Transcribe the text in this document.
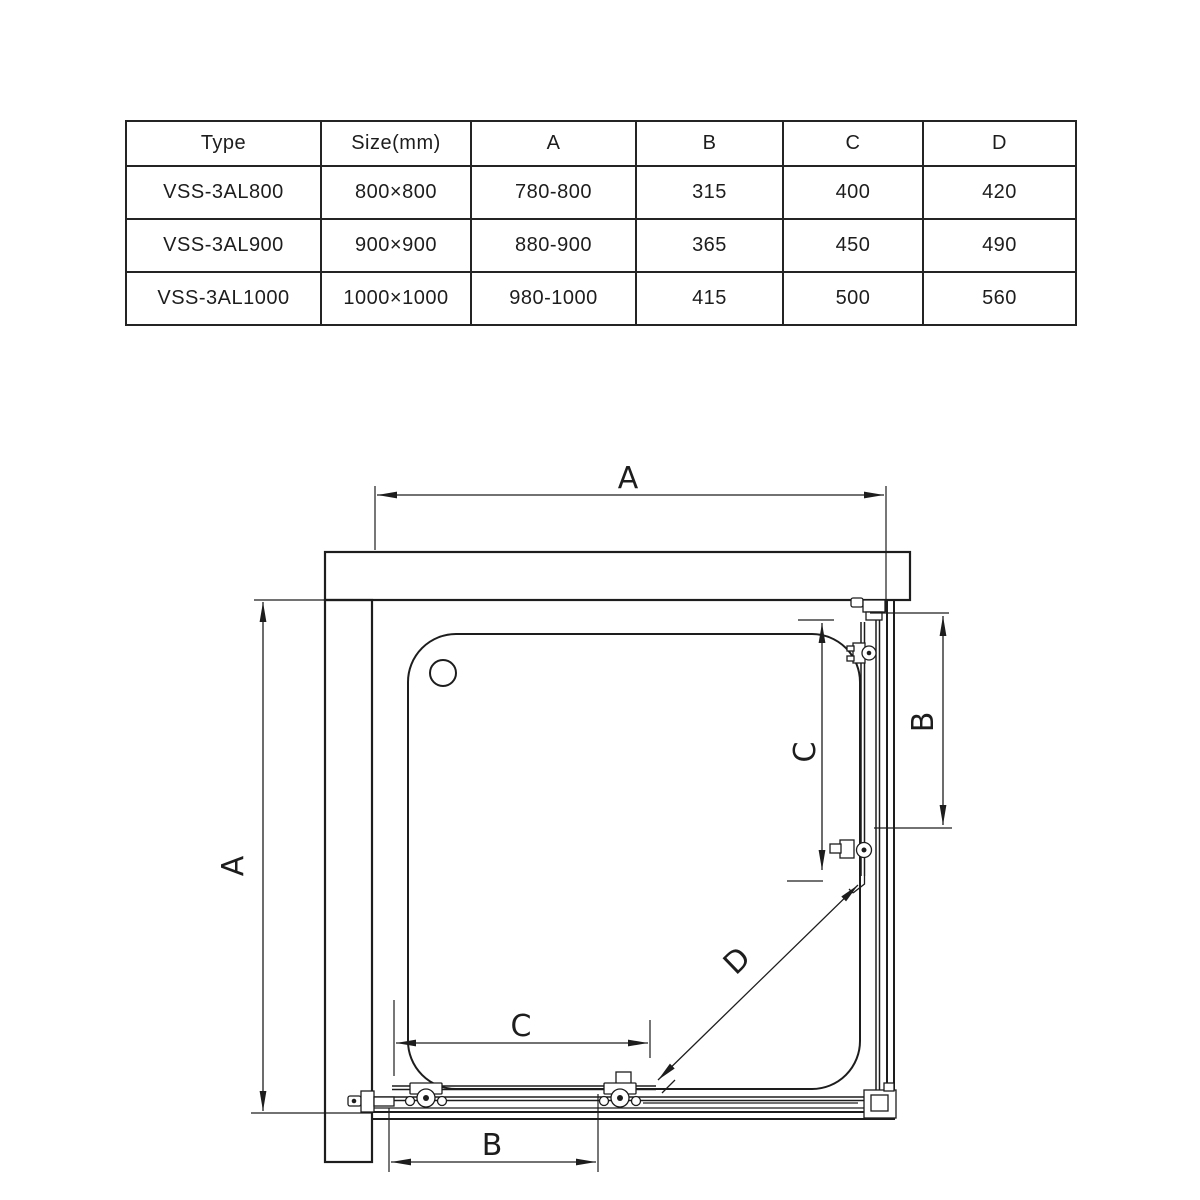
Type	Size(mm)	A	B	C	D
VSS-3AL800	800×800	780-800	315	400	420
VSS-3AL900	900×900	880-900	365	450	490
VSS-3AL1000	1000×1000	980-1000	415	500	560
A
A
B
C
D
C
B
